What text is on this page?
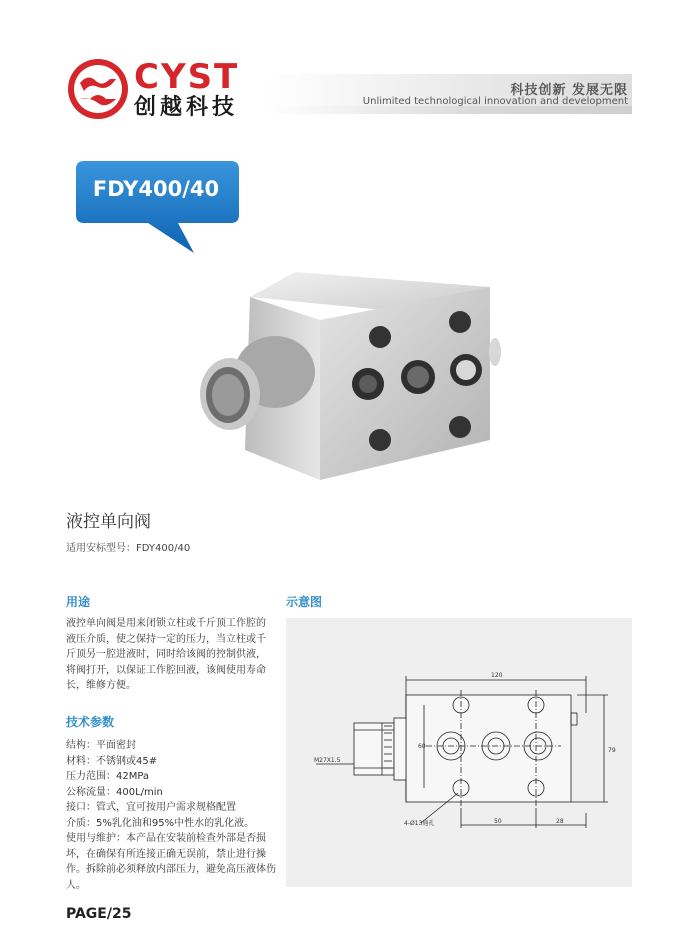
CYST
创越科技
科技创新 发展无限
Unlimited technological innovation and development
FDY400/40
液控单向阀
适用安标型号：FDY400/40
用途
液控单向阀是用来闭锁立柱或千斤顶工作腔的液压介质，使之保持一定的压力，当立柱或千斤顶另一腔进液时，同时给该阀的控制供液，将阀打开，以保证工作腔回液，该阀使用寿命长，维修方便。
技术参数
结构：平面密封
材料：不锈钢或45#
压力范围：42MPa
公称流量：400L/min
接口：管式，宜可按用户需求规格配置
介质：5%乳化油和95%中性水的乳化液。
使用与维护：本产品在安装前检查外部是否损坏，在确保有所连接正确无误前，禁止进行操作。拆除前必须释放内部压力，避免高压液体伤人。
示意图
120
79
60
M27X1.5
4-Ø13通孔	50	28
PAGE/25
